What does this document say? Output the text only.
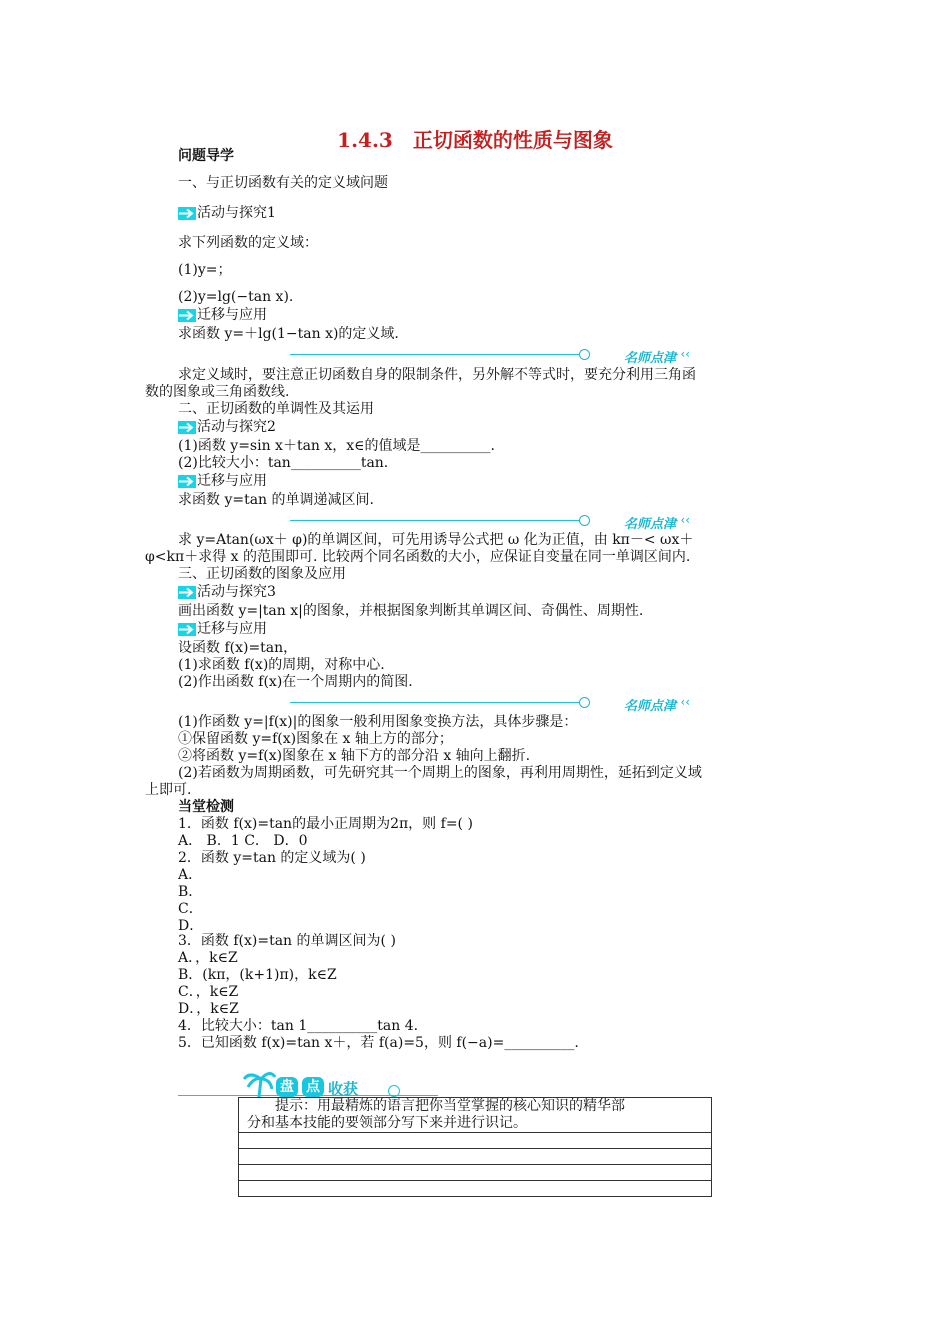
1.4.3　正切函数的性质与图象
问题导学
一、与正切函数有关的定义域问题
活动与探究1
求下列函数的定义域：
(1)y=；
(2)y=lg(−tan x).
迁移与应用
求函数 y=＋lg(1−tan x)的定义域.
名师点津 ‹‹
求定义域时，要注意正切函数自身的限制条件，另外解不等式时，要充分利用三角函
数的图象或三角函数线.
二、正切函数的单调性及其运用
活动与探究2
(1)函数 y=sin x＋tan x，x∈的值域是__________.
(2)比较大小：tan__________tan.
迁移与应用
求函数 y=tan 的单调递减区间.
名师点津 ‹‹
求 y=Atan(ωx＋ φ)的单调区间，可先用诱导公式把 ω 化为正值，由 kπ－< ωx＋
φ<kπ＋求得 x 的范围即可. 比较两个同名函数的大小，应保证自变量在同一单调区间内.
三、正切函数的图象及应用
活动与探究3
画出函数 y=|tan x|的图象，并根据图象判断其单调区间、奇偶性、周期性.
迁移与应用
设函数 f(x)=tan，
(1)求函数 f(x)的周期，对称中心.
(2)作出函数 f(x)在一个周期内的简图.
名师点津 ‹‹
(1)作函数 y=|f(x)|的图象一般利用图象变换方法，具体步骤是：
①保留函数 y=f(x)图象在 x 轴上方的部分；
②将函数 y=f(x)图象在 x 轴下方的部分沿 x 轴向上翻折.
(2)若函数为周期函数，可先研究其一个周期上的图象，再利用周期性，延拓到定义域
上即可.
当堂检测
1．函数 f(x)=tan的最小正周期为2π，则 f=( )
A． B．1 C． D．0
2．函数 y=tan 的定义域为( )
A．
B．
C．
D．
3．函数 f(x)=tan 的单调区间为( )
A．，k∈Z
B．(kπ，(k+1)π)，k∈Z
C．，k∈Z
D．，k∈Z
4．比较大小：tan 1__________tan 4.
5．已知函数 f(x)=tan x＋，若 f(a)=5，则 f(−a)=__________.
盘 点 收获
提示：用最精炼的语言把你当堂掌握的核心知识的精华部
分和基本技能的要领部分写下来并进行识记。
